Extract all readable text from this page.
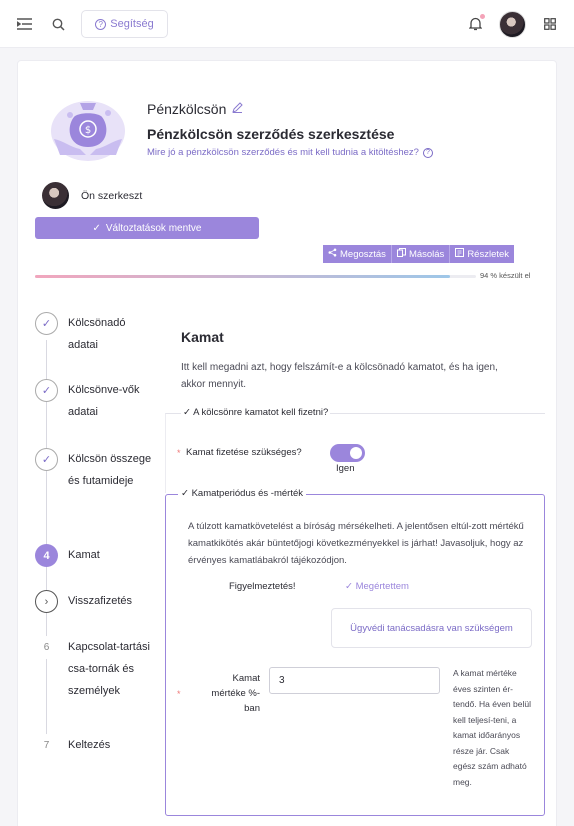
? Segítség
$
Pénzkölcsön
Pénzkölcsön szerződés szerkesztése
Mire jó a pénzkölcsön szerződés és mit kell tudnia a kitöltéshez?	?
Ön szerkeszt
✓ Változtatások mentve
Megosztás Másolás Részletek
94 % készült el
✓	Kölcsönadó adatai
✓	Kölcsönve-vők adatai
✓	Kölcsön összege és futamideje
4	Kamat
›	Visszafizetés
6	Kapcsolat-tartási csa-tornák és személyek
7	Keltezés
Kamat
Itt kell megadni azt, hogy felszámít-e a kölcsönadó kamatot, és ha igen, akkor mennyit.
✓ A kölcsönre kamatot kell fizetni?
* Kamat fizetése szükséges?
Igen
✓ Kamatperiódus és -mérték
A túlzott kamatkövetelést a bíróság mérsékelheti. A jelentősen eltúl-zott mértékű kamatkikötés akár büntetőjogi következményekkel is járhat! Javasoljuk, hogy az érvényes kamatlábakról tájékozódjon.
Figyelmeztetés!	✓ Megértettem
Ügyvédi tanácsadásra van szükségem
*
Kamat mértéke %-ban
3
A kamat mértéke éves szinten ér-tendő. Ha éven belül kell teljesí-teni, a kamat időarányos része jár. Csak egész szám adható meg.
